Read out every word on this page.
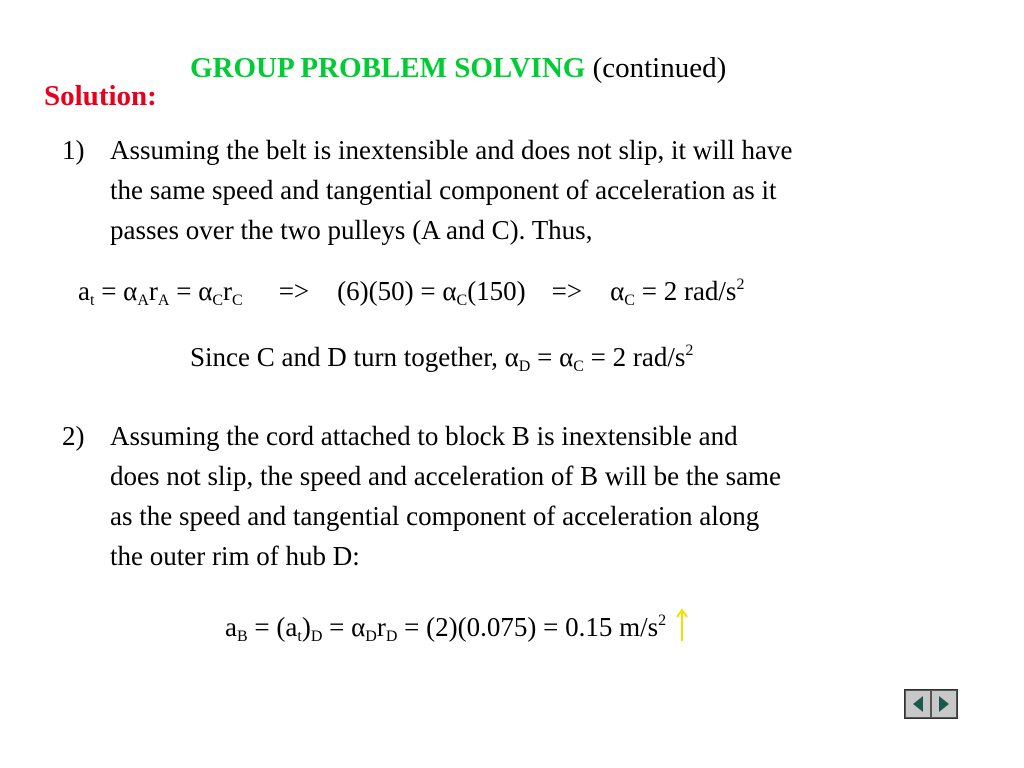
GROUP PROBLEM SOLVING (continued)
Solution:
1) Assuming the belt is inextensible and does not slip, it will have
the same speed and tangential component of acceleration as it
passes over the two pulleys (A and C). Thus,
$a_t = \alpha_Ar_A = \alpha_Cr_C => (6)(50) = \alpha_C(150) => \alpha_C = 2$ rad/$s^2$
Since C and D turn together, $\alpha_D = \alpha_C = 2$ rad/$s^2$
2) Assuming the cord attached to block B is inextensible and
does not slip, the speed and acceleration of B will be the same
as the speed and tangential component of acceleration along
the outer rim of hub D:
$a_B = (a_t)_D = \alpha_Dr_D = (2)(0.075) = 0.15$ $m/s^2$
